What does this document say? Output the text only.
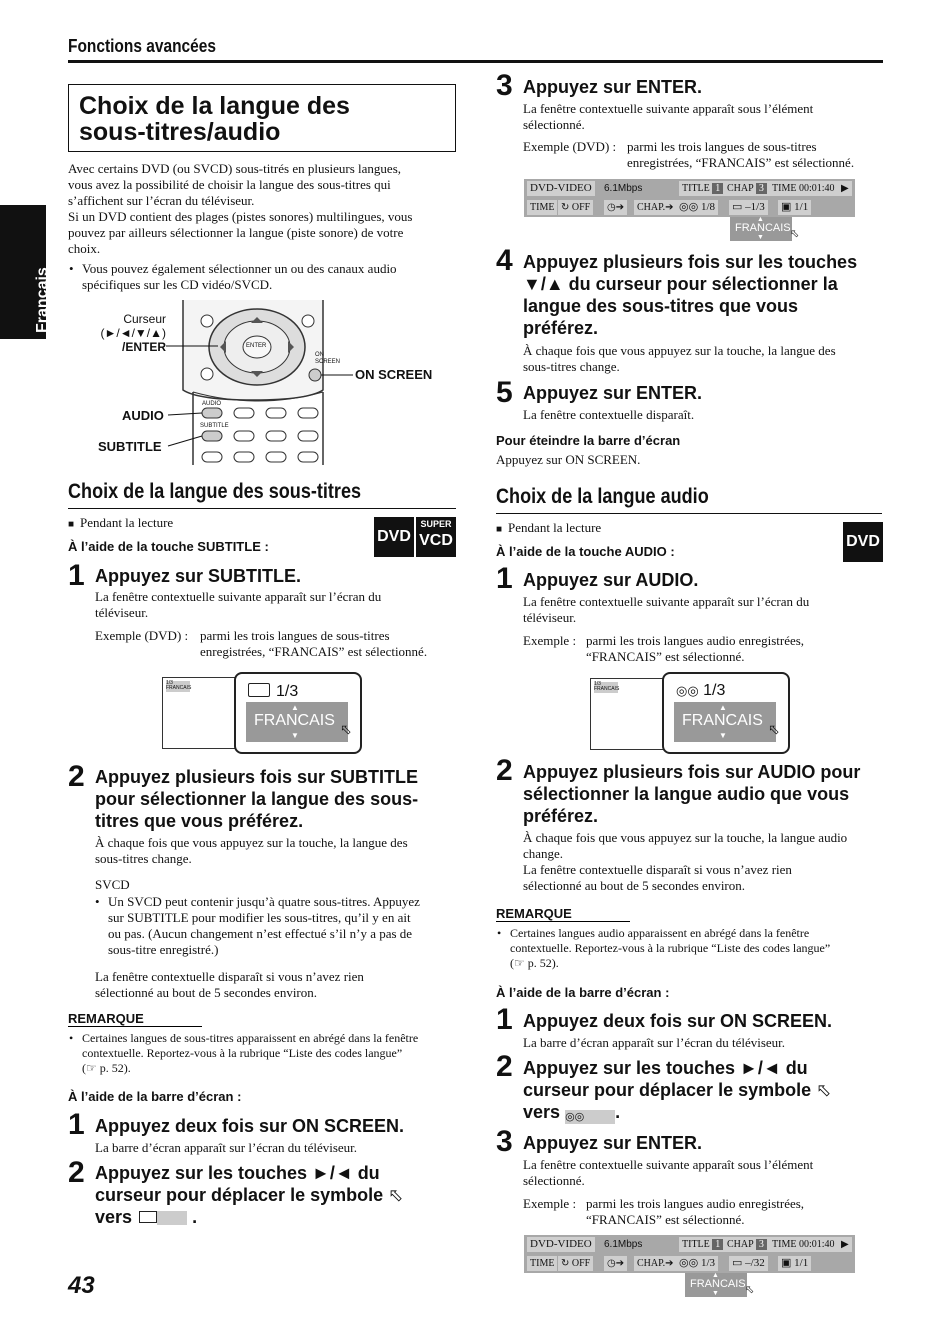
Fonctions avancées
Français
Choix de la langue des
sous-titres/audio
Avec certains DVD (ou SVCD) sous-titrés en plusieurs langues,
vous avez la possibilité de choisir la langue des sous-titres qui
s’affichent sur l’écran du téléviseur.
Si un DVD contient des plages (pistes sonores) multilingues, vous
pouvez par ailleurs sélectionner la langue (piste sonore) de votre
choix.
• Vous pouvez également sélectionner un ou des canaux audio
spécifiques sur les CD vidéo/SVCD.
Curseur
(►/◄/▼/▲)
/ENTER	ENTER
ON
SCREEN
ON SCREEN
AUDIO
SUBTITLE
AUDIO
SUBTITLE
Choix de la langue des sous-titres
■ Pendant la lecture
DVD
SUPER
VCD
À l’aide de la touche SUBTITLE :
1 Appuyez sur SUBTITLE.
La fenêtre contextuelle suivante apparaît sur l’écran du
téléviseur.
Exemple (DVD) : parmi les trois langues de sous-titres
enregistrées, “FRANCAIS” est sélectionné.
1/3
FRANCAIS	1/3
▲
FRANCAIS
▼	⬁
2 Appuyez plusieurs fois sur SUBTITLE
pour sélectionner la langue des sous-
titres que vous préférez.
À chaque fois que vous appuyez sur la touche, la langue des
sous-titres change.
SVCD
• Un SVCD peut contenir jusqu’à quatre sous-titres. Appuyez
sur SUBTITLE pour modifier les sous-titres, qu’il y en ait
ou pas. (Aucun changement n’est effectué s’il n’y a pas de
sous-titre enregistré.)
La fenêtre contextuelle disparaît si vous n’avez rien
sélectionné au bout de 5 secondes environ.
REMARQUE
• Certaines langues de sous-titres apparaissent en abrégé dans la fenêtre
contextuelle. Reportez-vous à la rubrique “Liste des codes langue”
(☞ p. 52).
À l’aide de la barre d’écran :
1 Appuyez deux fois sur ON SCREEN.
La barre d’écran apparaît sur l’écran du téléviseur.
2 Appuyez sur les touches ►/◄ du
curseur pour déplacer le symbole ⬁
vers	.
43
3 Appuyez sur ENTER.
La fenêtre contextuelle suivante apparaît sous l’élément
sélectionné.
Exemple (DVD) : parmi les trois langues de sous-titres
enregistrées, “FRANCAIS” est sélectionné.
DVD-VIDEO	6.1Mbps	TITLE 1 CHAP 3 TIME 00:01:40 ▶
TIME ↻ OFF	◷➔	CHAP.➔ ◎◎ 1/8 ▭ –1/3 ▣ 1/1
▲
FRANCAIS
▼ ⬁
4 Appuyez plusieurs fois sur les touches
▼/▲ du curseur pour sélectionner la
langue des sous-titres que vous
préférez.
À chaque fois que vous appuyez sur la touche, la langue des
sous-titres change.
5 Appuyez sur ENTER.
La fenêtre contextuelle disparaît.
Pour éteindre la barre d’écran
Appuyez sur ON SCREEN.
Choix de la langue audio
■ Pendant la lecture
DVD
À l’aide de la touche AUDIO :
1 Appuyez sur AUDIO.
La fenêtre contextuelle suivante apparaît sur l’écran du
téléviseur.
Exemple : parmi les trois langues audio enregistrées,
“FRANCAIS” est sélectionné.
1/3
FRANCAIS	◎◎ 1/3
▲
FRANCAIS
▼	⬁
2 Appuyez plusieurs fois sur AUDIO pour
sélectionner la langue audio que vous
préférez.
À chaque fois que vous appuyez sur la touche, la langue audio
change.
La fenêtre contextuelle disparaît si vous n’avez rien
sélectionné au bout de 5 secondes environ.
REMARQUE
• Certaines langues audio apparaissent en abrégé dans la fenêtre
contextuelle. Reportez-vous à la rubrique “Liste des codes langue”
(☞ p. 52).
À l’aide de la barre d’écran :
1 Appuyez deux fois sur ON SCREEN.
La barre d’écran apparaît sur l’écran du téléviseur.
2 Appuyez sur les touches ►/◄ du
curseur pour déplacer le symbole ⬁
vers ◎◎ .
3 Appuyez sur ENTER.
La fenêtre contextuelle suivante apparaît sous l’élément
sélectionné.
Exemple : parmi les trois langues audio enregistrées,
“FRANCAIS” est sélectionné.
DVD-VIDEO	6.1Mbps	TITLE 1 CHAP 3 TIME 00:01:40 ▶
TIME ↻ OFF	◷➔	CHAP.➔ ◎◎ 1/3 ▭ –/32 ▣ 1/1
▲
FRANCAIS
▼ ⬁
